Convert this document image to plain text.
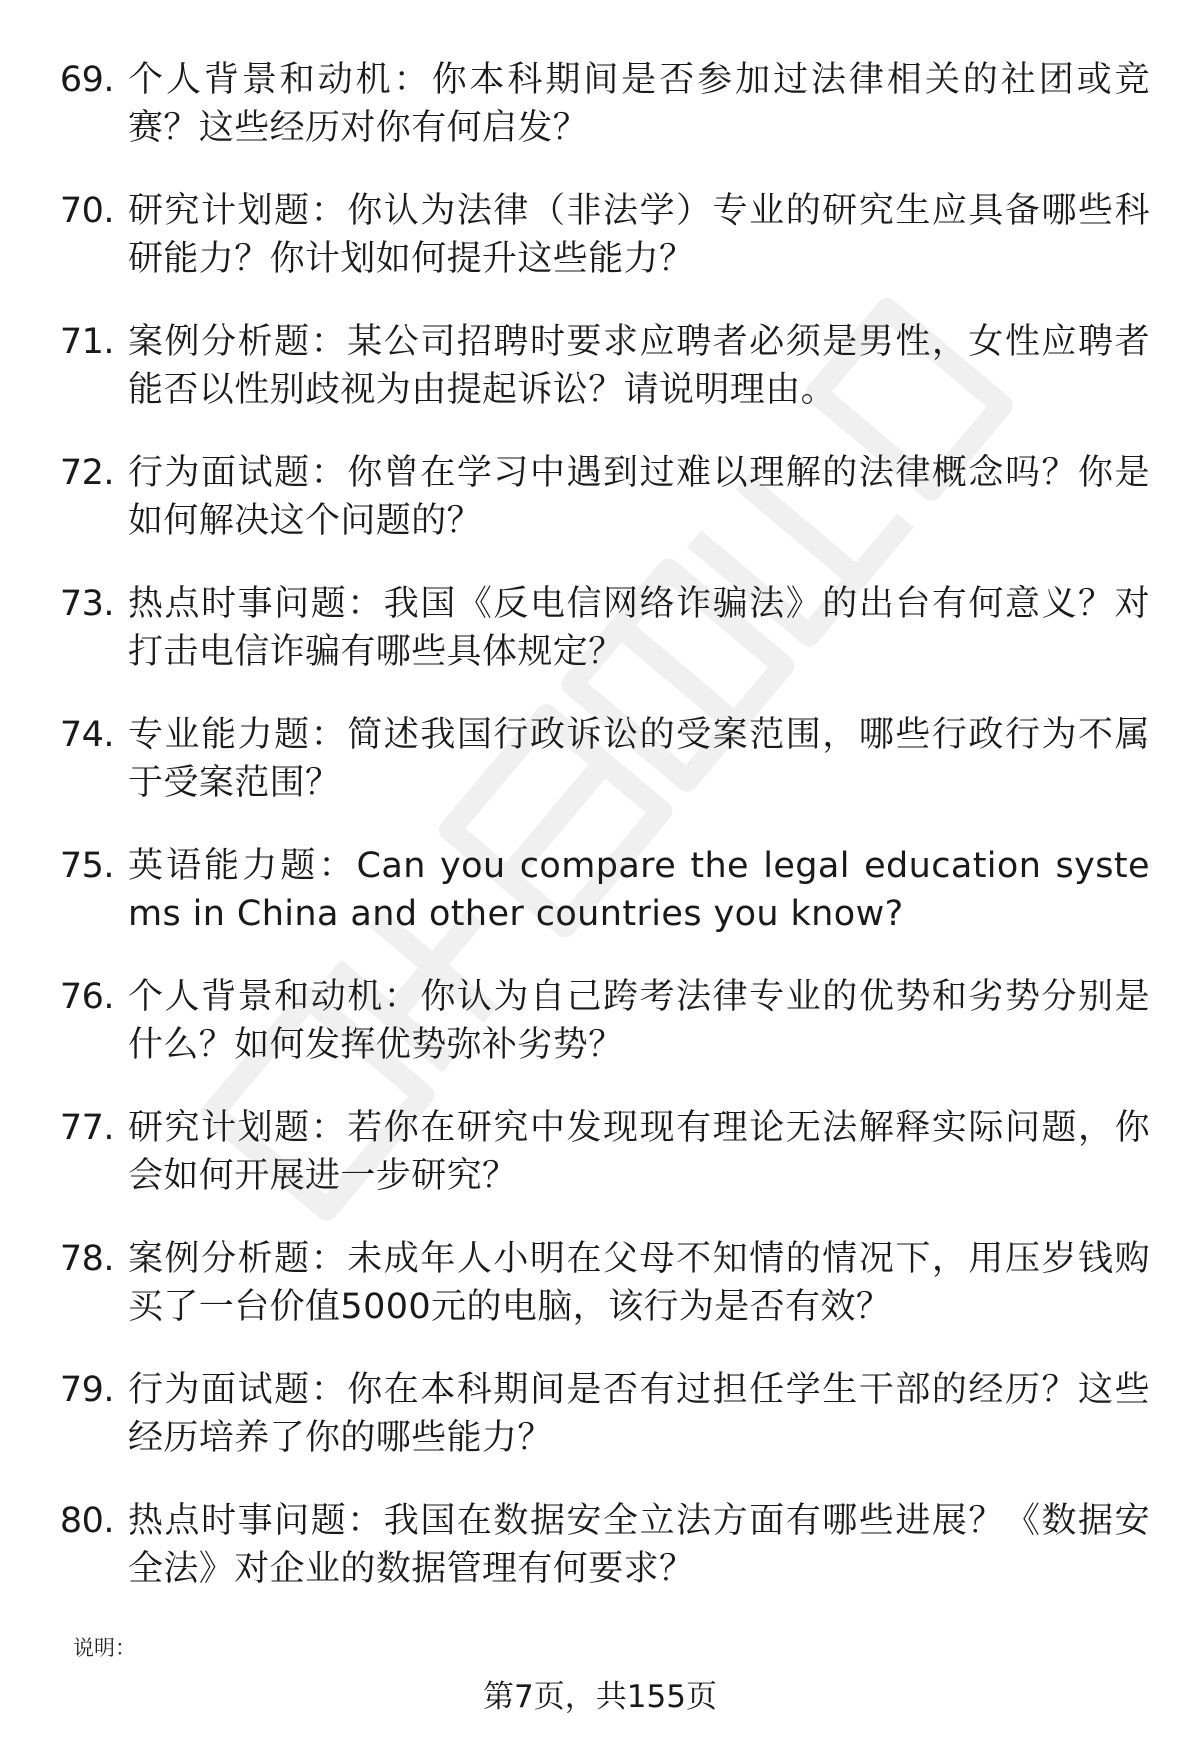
69. 个人背景和动机：你本科期间是否参加过法律相关的社团或竞赛？这些经历对你有何启发？
70. 研究计划题：你认为法律（非法学）专业的研究生应具备哪些科研能力？你计划如何提升这些能力？
71. 案例分析题：某公司招聘时要求应聘者必须是男性，女性应聘者能否以性别歧视为由提起诉讼？请说明理由。
72. 行为面试题：你曾在学习中遇到过难以理解的法律概念吗？你是如何解决这个问题的？
73. 热点时事问题：我国《反电信网络诈骗法》的出台有何意义？对打击电信诈骗有哪些具体规定？
74. 专业能力题：简述我国行政诉讼的受案范围，哪些行政行为不属于受案范围？
75. 英语能力题：Can you compare the legal education systems in China and other countries you know?
76. 个人背景和动机：你认为自己跨考法律专业的优势和劣势分别是什么？如何发挥优势弥补劣势？
77. 研究计划题：若你在研究中发现现有理论无法解释实际问题，你会如何开展进一步研究？
78. 案例分析题：未成年人小明在父母不知情的情况下，用压岁钱购买了一台价值5000元的电脑，该行为是否有效？
79. 行为面试题：你在本科期间是否有过担任学生干部的经历？这些经历培养了你的哪些能力？
80. 热点时事问题：我国在数据安全立法方面有哪些进展？《数据安全法》对企业的数据管理有何要求？
说明：
第7页，共155页
